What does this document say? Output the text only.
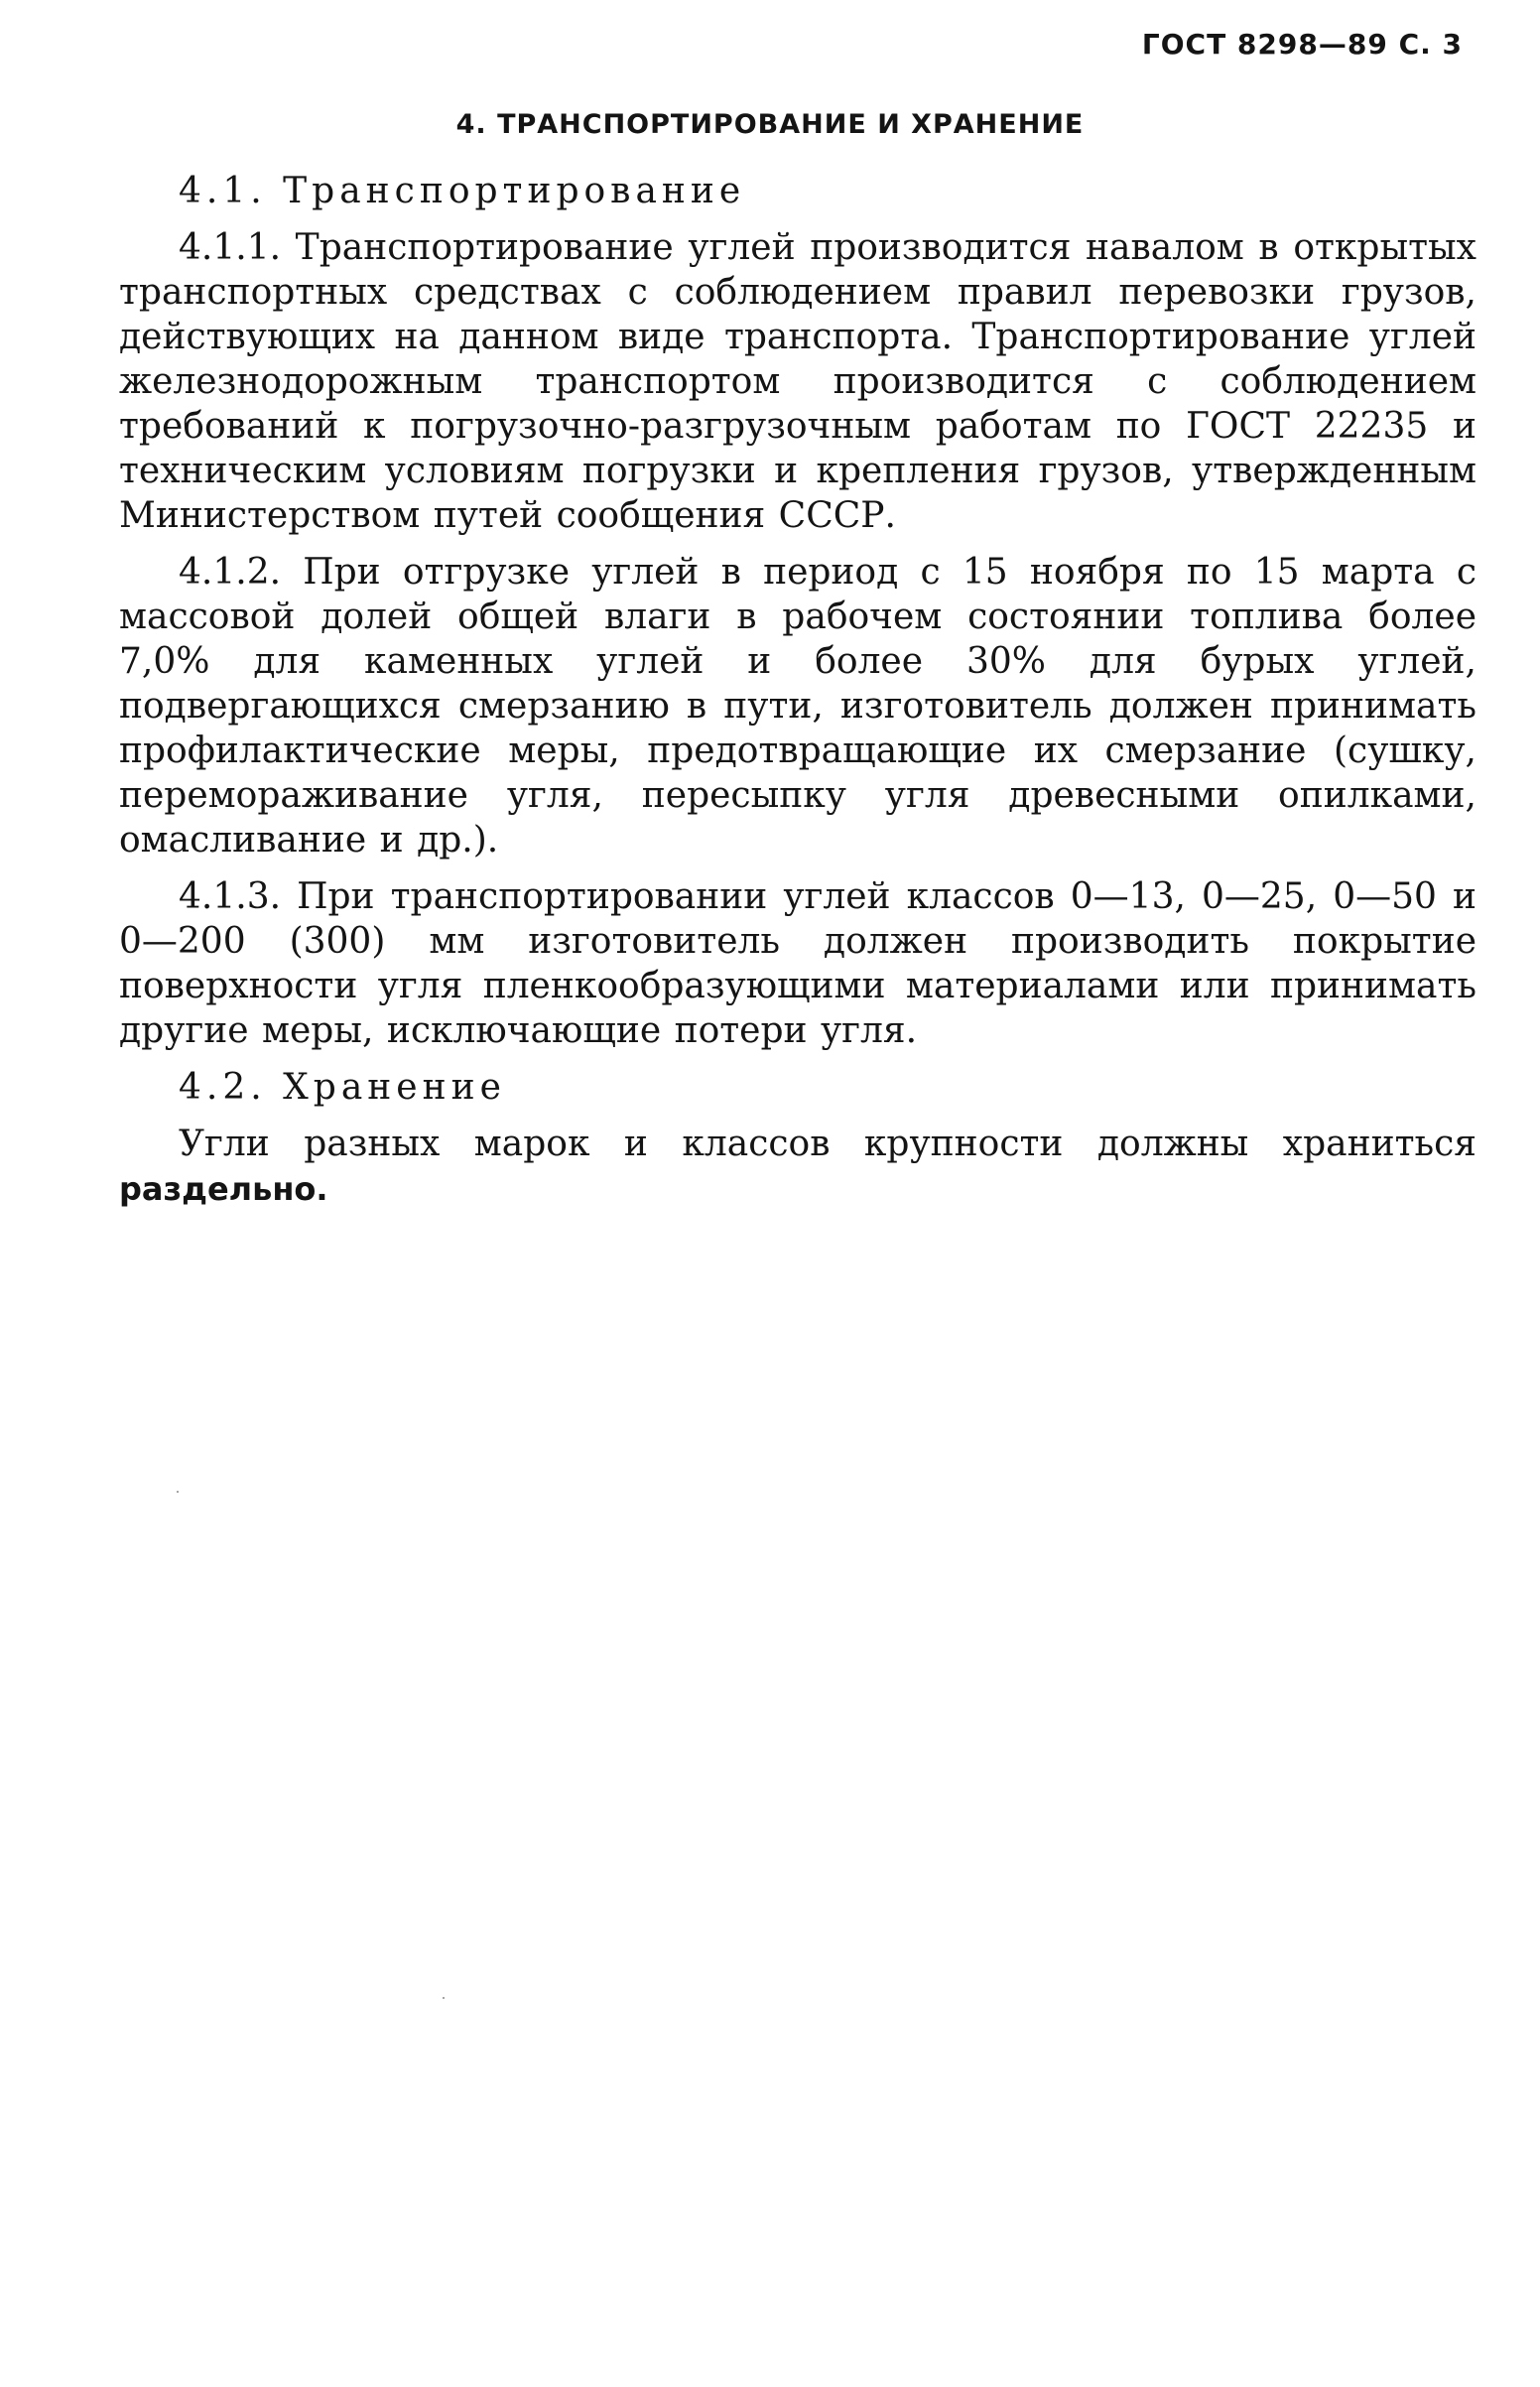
ГОСТ 8298—89 С. 3
4. ТРАНСПОРТИРОВАНИЕ И ХРАНЕНИЕ

4.1. Транспортирование

4.1.1. Транспортирование углей производится навалом в открытых транспортных средствах с соблюдением правил перевозки грузов, действующих на данном виде транспорта. Транспортирование углей железнодорожным транспортом производится с соблюдением требований к погрузочно-разгрузочным работам по ГОСТ 22235 и техническим условиям погрузки и крепления грузов, утвержденным Министерством путей сообщения СССР.

4.1.2. При отгрузке углей в период с 15 ноября по 15 марта с массовой долей общей влаги в рабочем состоянии топлива более 7,0% для каменных углей и более 30% для бурых углей, подвергающихся смерзанию в пути, изготовитель должен принимать профилактические меры, предотвращающие их смерзание (сушку, перемораживание угля, пересыпку угля древесными опилками, омасливание и др.).

4.1.3. При транспортировании углей классов 0—13, 0—25, 0—50 и 0—200 (300) мм изготовитель должен производить покрытие поверхности угля пленкообразующими материалами или принимать другие меры, исключающие потери угля.

4.2. Хранение

Угли разных марок и классов крупности должны храниться раздельно.
